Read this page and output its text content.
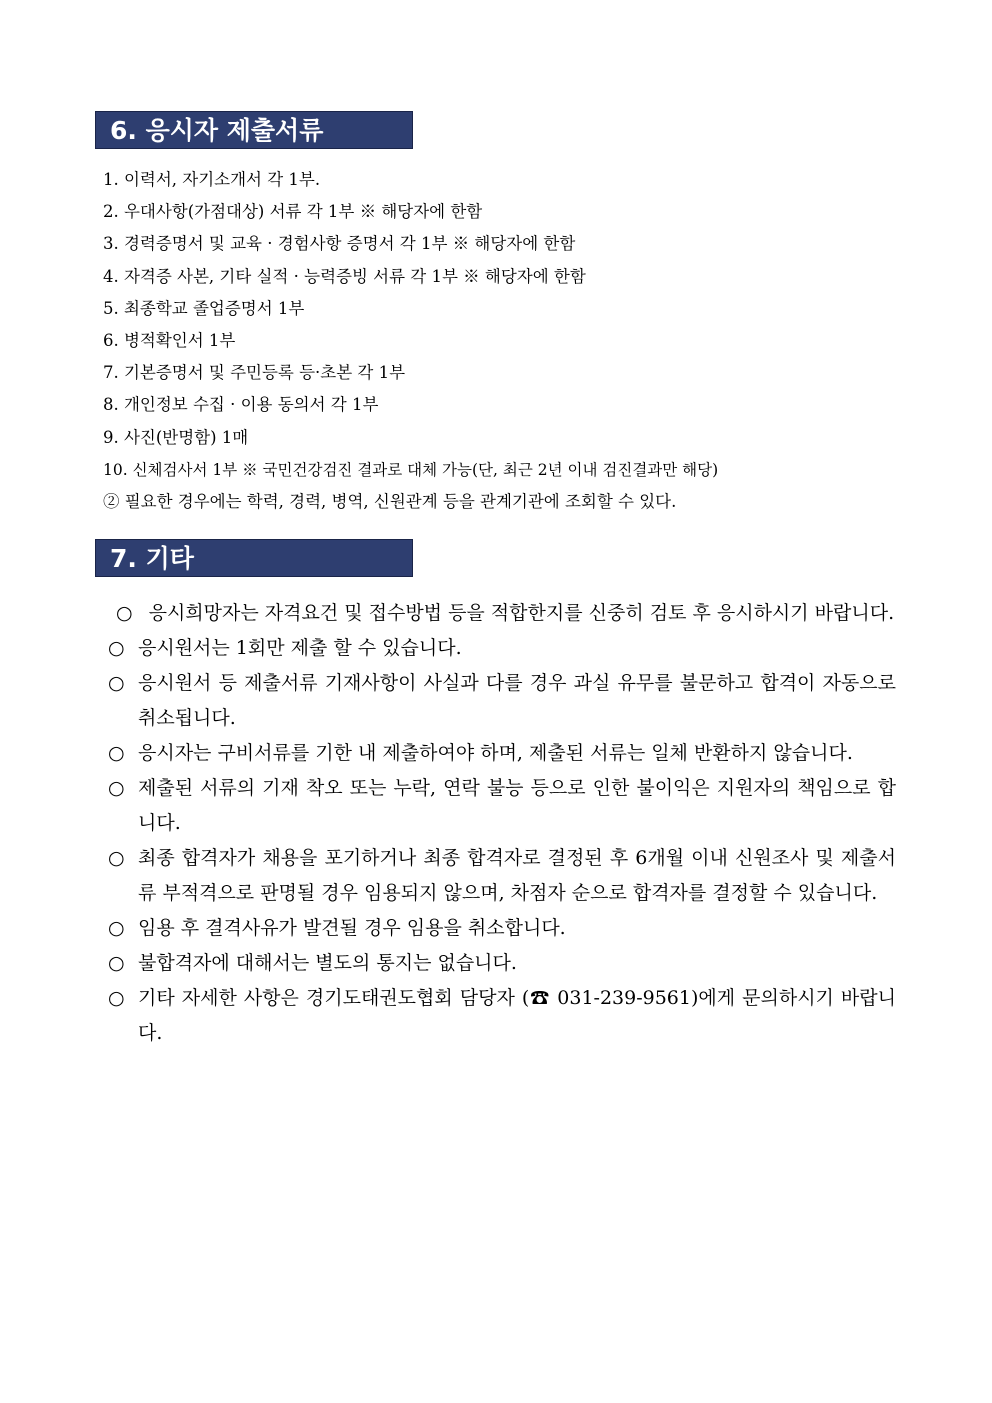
6. 응시자 제출서류
1. 이력서, 자기소개서 각 1부.
2. 우대사항(가점대상) 서류 각 1부 ※ 해당자에 한함
3. 경력증명서 및 교육 · 경험사항 증명서 각 1부 ※ 해당자에 한함
4. 자격증 사본, 기타 실적 · 능력증빙 서류 각 1부 ※ 해당자에 한함
5. 최종학교 졸업증명서 1부
6. 병적확인서 1부
7. 기본증명서 및 주민등록 등·초본 각 1부
8. 개인정보 수집 · 이용 동의서 각 1부
9. 사진(반명함) 1매
10. 신체검사서 1부 ※ 국민건강검진 결과로 대체 가능(단, 최근 2년 이내 검진결과만 해당)
② 필요한 경우에는 학력, 경력, 병역, 신원관계 등을 관계기관에 조회할 수 있다.
7. 기타
○ 응시희망자는 자격요건 및 접수방법 등을 적합한지를 신중히 검토 후 응시하시기 바랍니다.
○ 응시원서는 1회만 제출 할 수 있습니다.
○ 응시원서 등 제출서류 기재사항이 사실과 다를 경우 과실 유무를 불문하고 합격이 자동으로 취소됩니다.
○ 응시자는 구비서류를 기한 내 제출하여야 하며, 제출된 서류는 일체 반환하지 않습니다.
○ 제출된 서류의 기재 착오 또는 누락, 연락 불능 등으로 인한 불이익은 지원자의 책임으로 합니다.
○ 최종 합격자가 채용을 포기하거나 최종 합격자로 결정된 후 6개월 이내 신원조사 및 제출서류 부적격으로 판명될 경우 임용되지 않으며, 차점자 순으로 합격자를 결정할 수 있습니다.
○ 임용 후 결격사유가 발견될 경우 임용을 취소합니다.
○ 불합격자에 대해서는 별도의 통지는 없습니다.
○ 기타 자세한 사항은 경기도태권도협회 담당자 (☎ 031-239-9561)에게 문의하시기 바랍니다.
